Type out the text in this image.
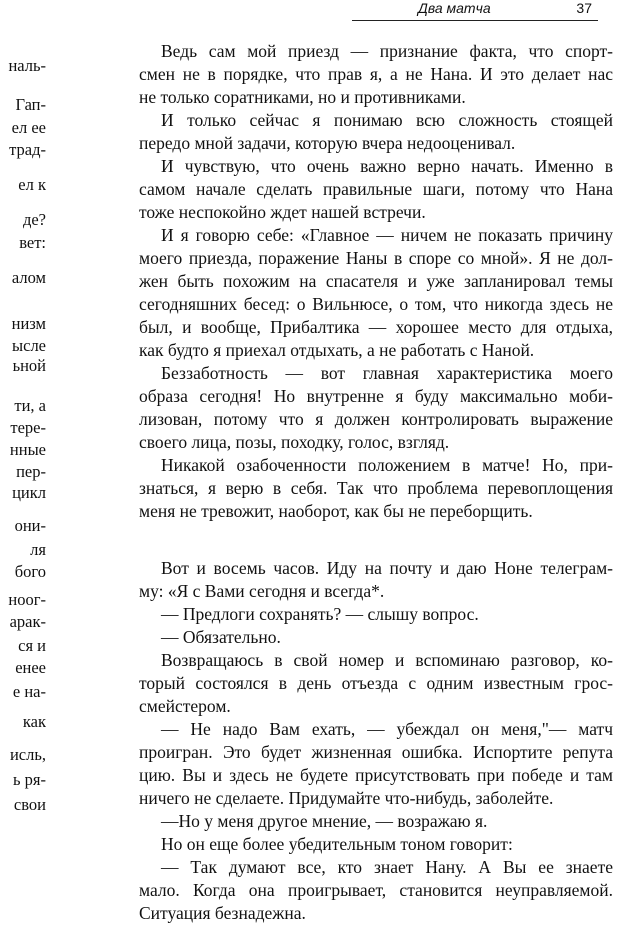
Два матча	37
наль-
Гап-
ел ее
трад-
ел к
де?
вет:
алом
низм
ысле
ьной
ти, а
тере-
нные
пер-
цикл
они-
ля
бого
ноог-
арак-
ся и
енее
е на-
как
исль,
ь ря-
свои
Ведь сам мой приезд — признание факта, что спорт-
смен не в порядке, что прав я, а не Нана. И это делает нас
не только соратниками, но и противниками.
И только сейчас я понимаю всю сложность стоящей
передо мной задачи, которую вчера недооценивал.
И чувствую, что очень важно верно начать. Именно в
самом начале сделать правильные шаги, потому что Нана
тоже неспокойно ждет нашей встречи.
И я говорю себе: «Главное — ничем не показать причину
моего приезда, поражение Наны в споре со мной». Я не дол-
жен быть похожим на спасателя и уже запланировал темы
сегодняшних бесед: о Вильнюсе, о том, что никогда здесь не
был, и вообще, Прибалтика — хорошее место для отдыха,
как будто я приехал отдыхать, а не работать с Наной.
Беззаботность — вот главная характеристика моего
образа сегодня! Но внутренне я буду максимально моби-
лизован, потому что я должен контролировать выражение
своего лица, позы, походку, голос, взгляд.
Никакой озабоченности положением в матче! Но, при-
знаться, я верю в себя. Так что проблема перевоплощения
меня не тревожит, наоборот, как бы не переборщить.
Вот и восемь часов. Иду на почту и даю Ноне телеграм-
му: «Я с Вами сегодня и всегда*.
— Предлоги сохранять? — слышу вопрос.
— Обязательно.
Возвращаюсь в свой номер и вспоминаю разговор, ко-
торый состоялся в день отъезда с одним известным грос-
смейстером.
— Не надо Вам ехать, — убеждал он меня,"— матч
проигран. Это будет жизненная ошибка. Испортите репута
цию. Вы и здесь не будете присутствовать при победе и там
ничего не сделаете. Придумайте что-нибудь, заболейте.
—Но у меня другое мнение, — возражаю я.
Но он еще более убедительным тоном говорит:
— Так думают все, кто знает Нану. А Вы ее знаете
мало. Когда она проигрывает, становится неуправляемой.
Ситуация безнадежна.
